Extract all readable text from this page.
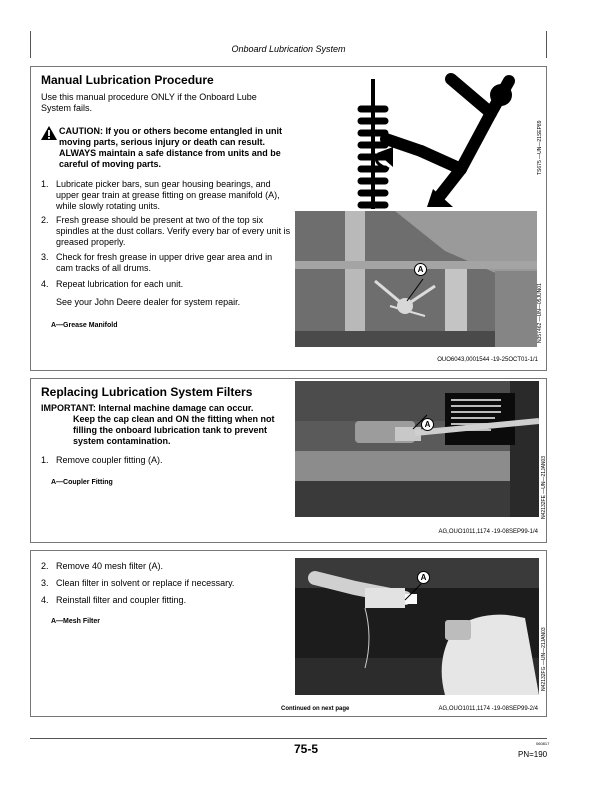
Onboard Lubrication System
Manual Lubrication Procedure
Use this manual procedure ONLY if the Onboard Lube System fails.
CAUTION: If you or others become entangled in unit moving parts, serious injury or death can result. ALWAYS maintain a safe distance from units and be careful of moving parts.
1. Lubricate picker bars, sun gear housing bearings, and upper gear train at grease fitting on grease manifold (A), while slowly rotating units.
2. Fresh grease should be present at two of the top six spindles at the dust collars. Verify every bar of every unit is greased properly.
3. Check for fresh grease in upper drive gear area and in cam tracks of all drums.
4. Repeat lubrication for each unit.
See your John Deere dealer for system repair.
A—Grease Manifold
TS675 —UN—21SEP89
A
N357462 —UN—05JUN01
OUO6043,0001544 -19-25OCT01-1/1
Replacing Lubrication System Filters
IMPORTANT: Internal machine damage can occur.
Keep the cap clean and ON the fitting when not filling the onboard lubrication tank to prevent system contamination.
1. Remove coupler fitting (A).
A—Coupler Fitting
A
N42132FE —UN—21JAN03
AG,OUO1011,1174 -19-08SEP99-1/4
2. Remove 40 mesh filter (A).
3. Clean filter in solvent or replace if necessary.
4. Reinstall filter and coupler fitting.
A—Mesh Filter
A
N42132FG —UN—21JAN03
Continued on next page	AG,OUO1011,1174 -19-08SEP99-2/4
75-5	060817
PN=190
